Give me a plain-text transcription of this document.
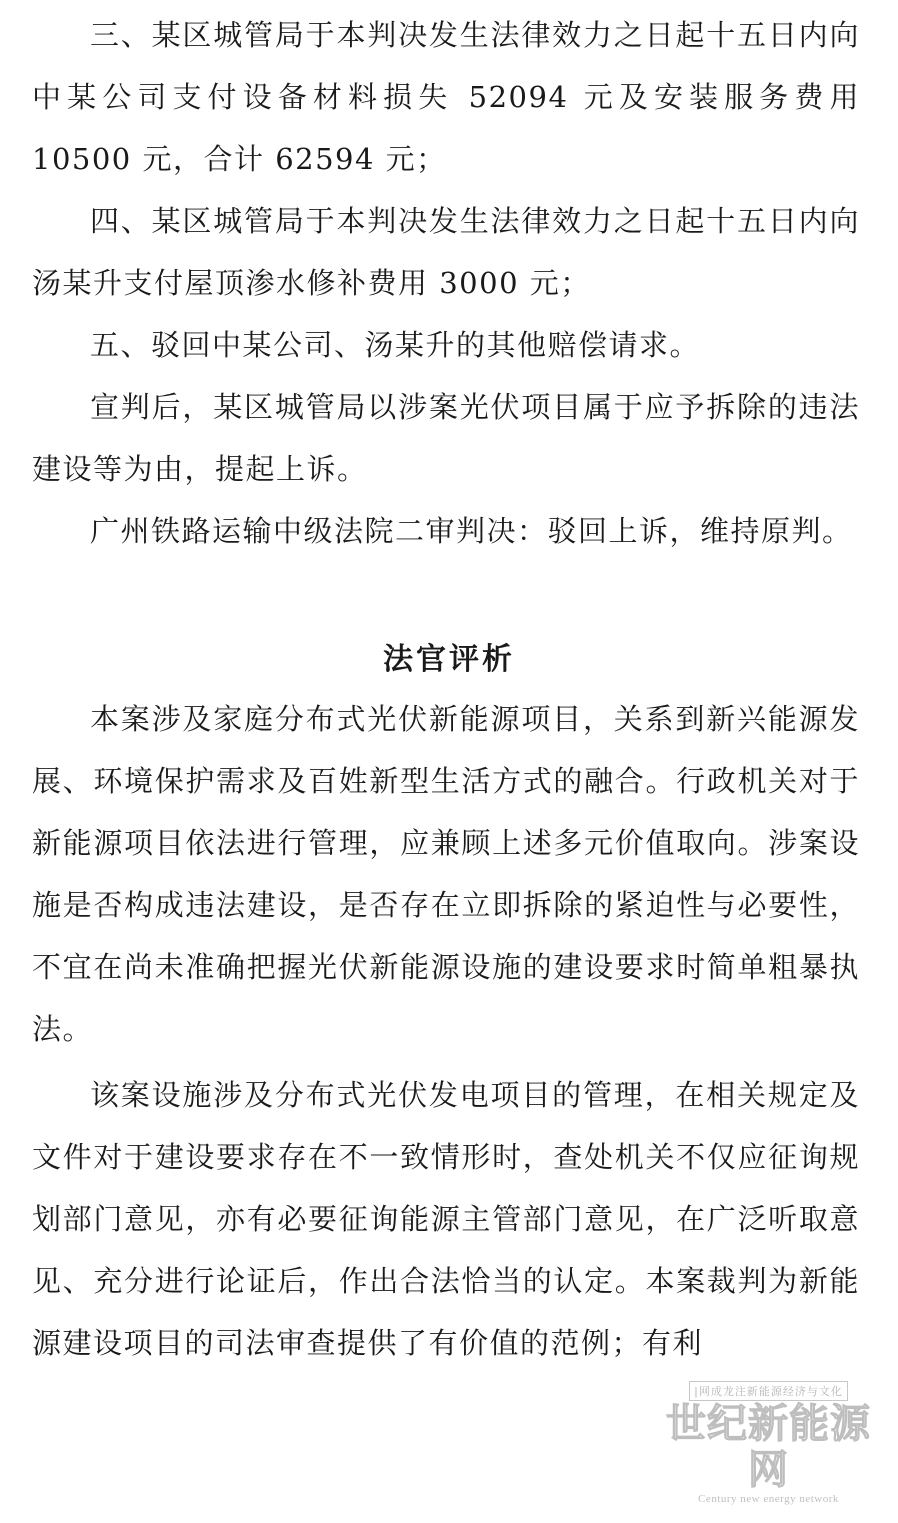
三、某区城管局于本判决发生法律效力之日起十五日内向中某公司支付设备材料损失 52094 元及安装服务费用 10500 元，合计 62594 元；

四、某区城管局于本判决发生法律效力之日起十五日内向汤某升支付屋顶渗水修补费用 3000 元；

五、驳回中某公司、汤某升的其他赔偿请求。

宣判后，某区城管局以涉案光伏项目属于应予拆除的违法建设等为由，提起上诉。

广州铁路运输中级法院二审判决：驳回上诉，维持原判。

法官评析

本案涉及家庭分布式光伏新能源项目，关系到新兴能源发展、环境保护需求及百姓新型生活方式的融合。行政机关对于新能源项目依法进行管理，应兼顾上述多元价值取向。涉案设施是否构成违法建设，是否存在立即拆除的紧迫性与必要性，不宜在尚未准确把握光伏新能源设施的建设要求时简单粗暴执法。

该案设施涉及分布式光伏发电项目的管理，在相关规定及文件对于建设要求存在不一致情形时，查处机关不仅应征询规划部门意见，亦有必要征询能源主管部门意见，在广泛听取意见、充分进行论证后，作出合法恰当的认定。本案裁判为新能源建设项目的司法审查提供了有价值的范例；有利

|网成龙注新能源经济与文化
世纪新能源网
Century new energy network
